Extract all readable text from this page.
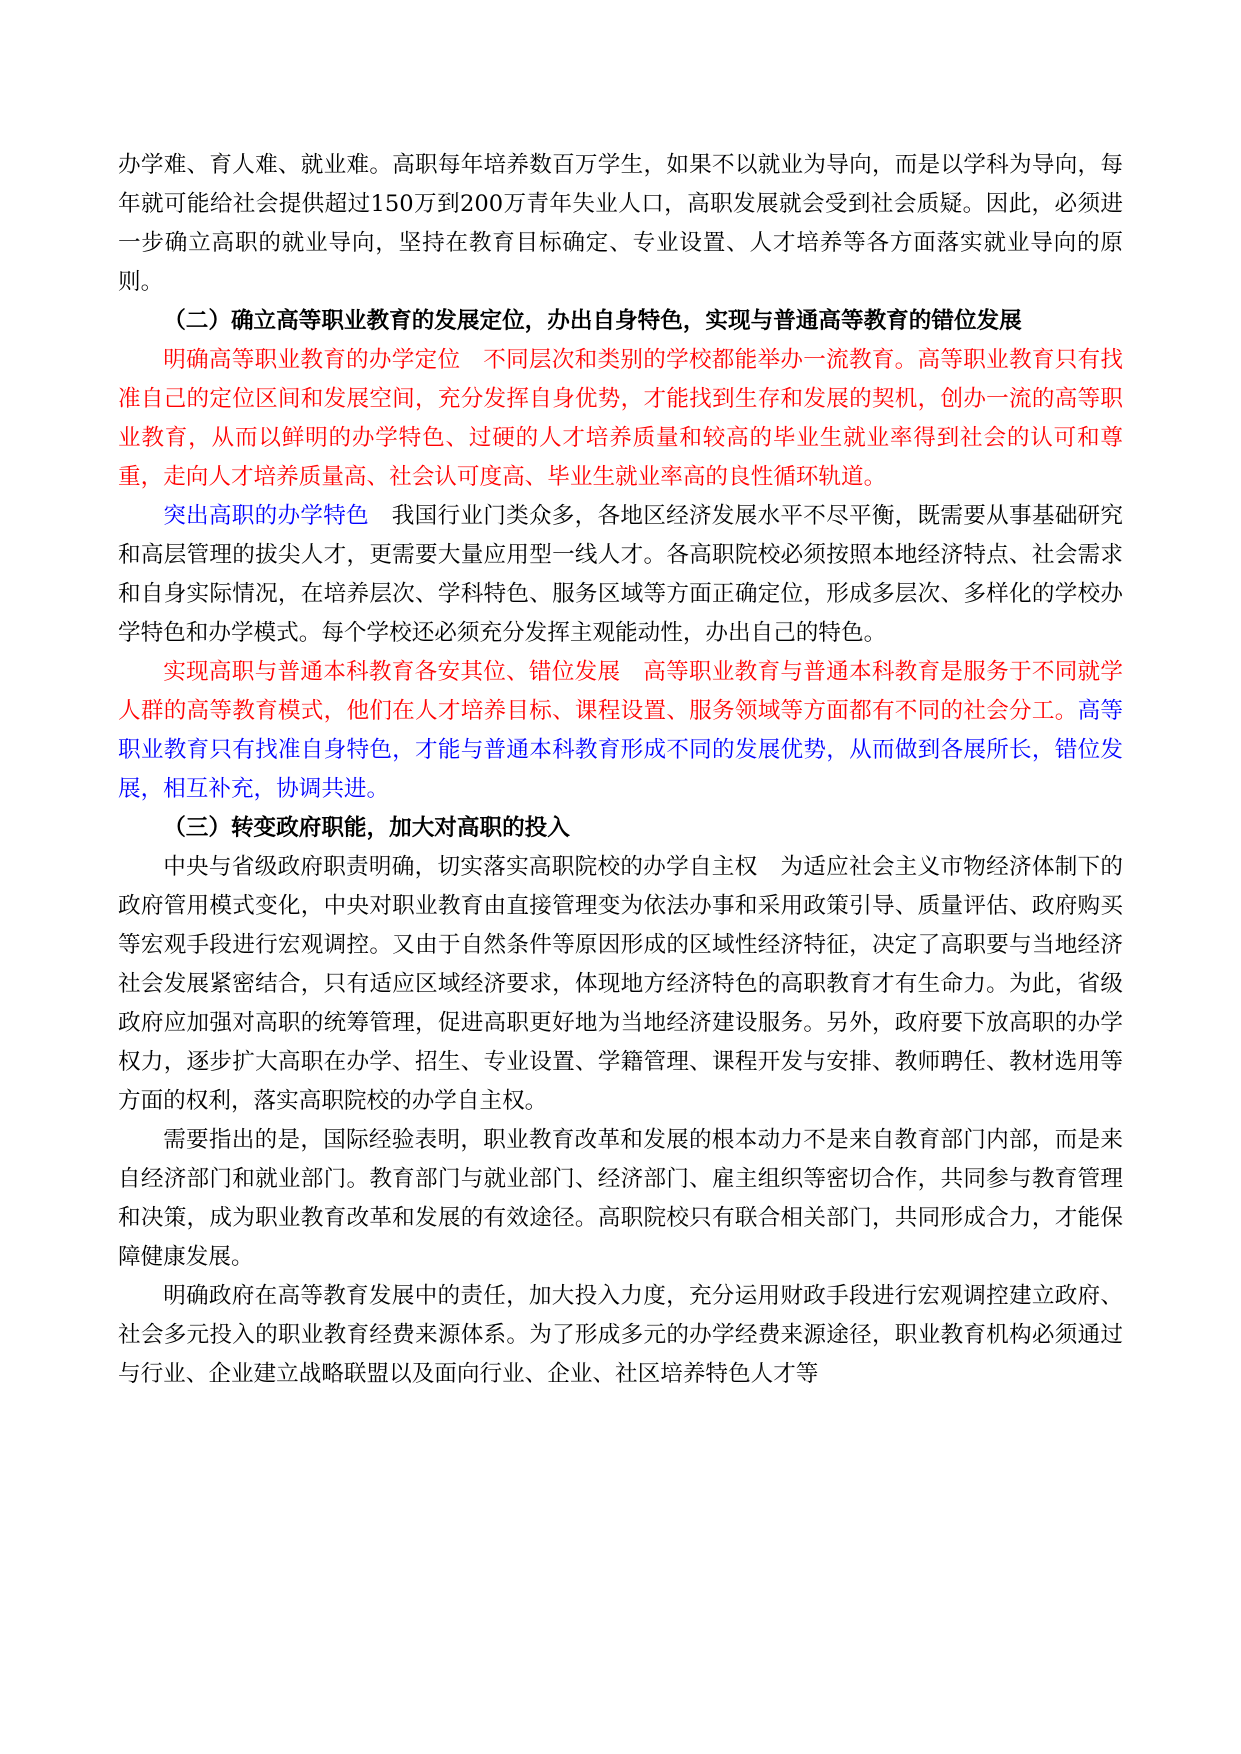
办学难、育人难、就业难。高职每年培养数百万学生，如果不以就业为导向，而是以学科为导向，每年就可能给社会提供超过150万到200万青年失业人口，高职发展就会受到社会质疑。因此，必须进一步确立高职的就业导向，坚持在教育目标确定、专业设置、人才培养等各方面落实就业导向的原则。

（二）确立高等职业教育的发展定位，办出自身特色，实现与普通高等教育的错位发展

明确高等职业教育的办学定位 不同层次和类别的学校都能举办一流教育。高等职业教育只有找准自己的定位区间和发展空间，充分发挥自身优势，才能找到生存和发展的契机，创办一流的高等职业教育，从而以鲜明的办学特色、过硬的人才培养质量和较高的毕业生就业率得到社会的认可和尊重，走向人才培养质量高、社会认可度高、毕业生就业率高的良性循环轨道。

突出高职的办学特色 我国行业门类众多，各地区经济发展水平不尽平衡，既需要从事基础研究和高层管理的拔尖人才，更需要大量应用型一线人才。各高职院校必须按照本地经济特点、社会需求和自身实际情况，在培养层次、学科特色、服务区域等方面正确定位，形成多层次、多样化的学校办学特色和办学模式。每个学校还必须充分发挥主观能动性，办出自己的特色。

实现高职与普通本科教育各安其位、错位发展 高等职业教育与普通本科教育是服务于不同就学人群的高等教育模式，他们在人才培养目标、课程设置、服务领域等方面都有不同的社会分工。高等职业教育只有找准自身特色，才能与普通本科教育形成不同的发展优势，从而做到各展所长，错位发展，相互补充，协调共进。

（三）转变政府职能，加大对高职的投入

中央与省级政府职责明确，切实落实高职院校的办学自主权 为适应社会主义市物经济体制下的政府管用模式变化，中央对职业教育由直接管理变为依法办事和采用政策引导、质量评估、政府购买等宏观手段进行宏观调控。又由于自然条件等原因形成的区域性经济特征，决定了高职要与当地经济社会发展紧密结合，只有适应区域经济要求，体现地方经济特色的高职教育才有生命力。为此，省级政府应加强对高职的统筹管理，促进高职更好地为当地经济建设服务。另外，政府要下放高职的办学权力，逐步扩大高职在办学、招生、专业设置、学籍管理、课程开发与安排、教师聘任、教材选用等方面的权利，落实高职院校的办学自主权。

需要指出的是，国际经验表明，职业教育改革和发展的根本动力不是来自教育部门内部，而是来自经济部门和就业部门。教育部门与就业部门、经济部门、雇主组织等密切合作，共同参与教育管理和决策，成为职业教育改革和发展的有效途径。高职院校只有联合相关部门，共同形成合力，才能保障健康发展。

明确政府在高等教育发展中的责任，加大投入力度，充分运用财政手段进行宏观调控建立政府、社会多元投入的职业教育经费来源体系。为了形成多元的办学经费来源途径，职业教育机构必须通过与行业、企业建立战略联盟以及面向行业、企业、社区培养特色人才等
